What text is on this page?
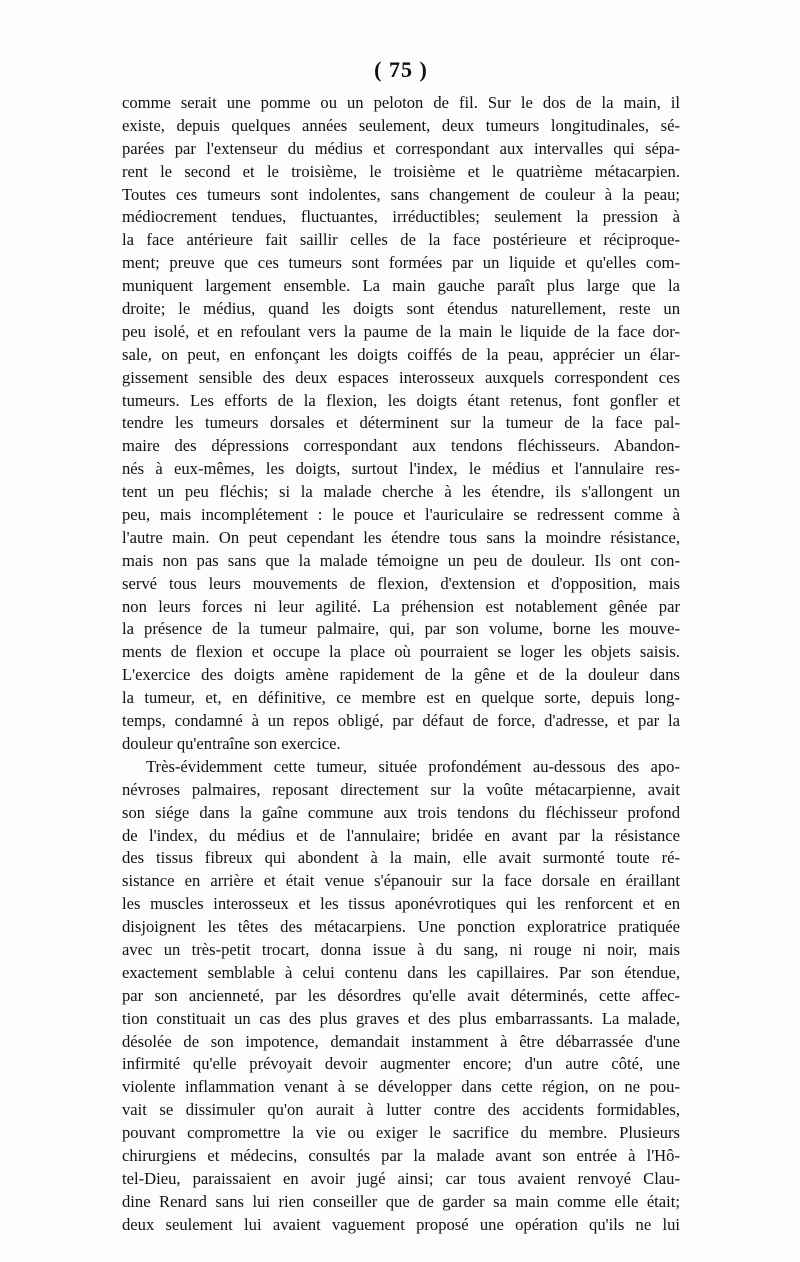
( 75 )
comme serait une pomme ou un peloton de fil. Sur le dos de la main, il
existe, depuis quelques années seulement, deux tumeurs longitudinales, sé-
parées par l'extenseur du médius et correspondant aux intervalles qui sépa-
rent le second et le troisième, le troisième et le quatrième métacarpien.
Toutes ces tumeurs sont indolentes, sans changement de couleur à la peau;
médiocrement tendues, fluctuantes, irréductibles; seulement la pression à
la face antérieure fait saillir celles de la face postérieure et réciproque-
ment; preuve que ces tumeurs sont formées par un liquide et qu'elles com-
muniquent largement ensemble. La main gauche paraît plus large que la
droite; le médius, quand les doigts sont étendus naturellement, reste un
peu isolé, et en refoulant vers la paume de la main le liquide de la face dor-
sale, on peut, en enfonçant les doigts coiffés de la peau, apprécier un élar-
gissement sensible des deux espaces interosseux auxquels correspondent ces
tumeurs. Les efforts de la flexion, les doigts étant retenus, font gonfler et
tendre les tumeurs dorsales et déterminent sur la tumeur de la face pal-
maire des dépressions correspondant aux tendons fléchisseurs. Abandon-
nés à eux-mêmes, les doigts, surtout l'index, le médius et l'annulaire res-
tent un peu fléchis; si la malade cherche à les étendre, ils s'allongent un
peu, mais incomplétement : le pouce et l'auriculaire se redressent comme à
l'autre main. On peut cependant les étendre tous sans la moindre résistance,
mais non pas sans que la malade témoigne un peu de douleur. Ils ont con-
servé tous leurs mouvements de flexion, d'extension et d'opposition, mais
non leurs forces ni leur agilité. La préhension est notablement gênée par
la présence de la tumeur palmaire, qui, par son volume, borne les mouve-
ments de flexion et occupe la place où pourraient se loger les objets saisis.
L'exercice des doigts amène rapidement de la gêne et de la douleur dans
la tumeur, et, en définitive, ce membre est en quelque sorte, depuis long-
temps, condamné à un repos obligé, par défaut de force, d'adresse, et par la
douleur qu'entraîne son exercice.
Très-évidemment cette tumeur, située profondément au-dessous des apo-
névroses palmaires, reposant directement sur la voûte métacarpienne, avait
son siége dans la gaîne commune aux trois tendons du fléchisseur profond
de l'index, du médius et de l'annulaire; bridée en avant par la résistance
des tissus fibreux qui abondent à la main, elle avait surmonté toute ré-
sistance en arrière et était venue s'épanouir sur la face dorsale en éraillant
les muscles interosseux et les tissus aponévrotiques qui les renforcent et en
disjoignent les têtes des métacarpiens. Une ponction exploratrice pratiquée
avec un très-petit trocart, donna issue à du sang, ni rouge ni noir, mais
exactement semblable à celui contenu dans les capillaires. Par son étendue,
par son ancienneté, par les désordres qu'elle avait déterminés, cette affec-
tion constituait un cas des plus graves et des plus embarrassants. La malade,
désolée de son impotence, demandait instamment à être débarrassée d'une
infirmité qu'elle prévoyait devoir augmenter encore; d'un autre côté, une
violente inflammation venant à se développer dans cette région, on ne pou-
vait se dissimuler qu'on aurait à lutter contre des accidents formidables,
pouvant compromettre la vie ou exiger le sacrifice du membre. Plusieurs
chirurgiens et médecins, consultés par la malade avant son entrée à l'Hô-
tel-Dieu, paraissaient en avoir jugé ainsi; car tous avaient renvoyé Clau-
dine Renard sans lui rien conseiller que de garder sa main comme elle était;
deux seulement lui avaient vaguement proposé une opération qu'ils ne lui
